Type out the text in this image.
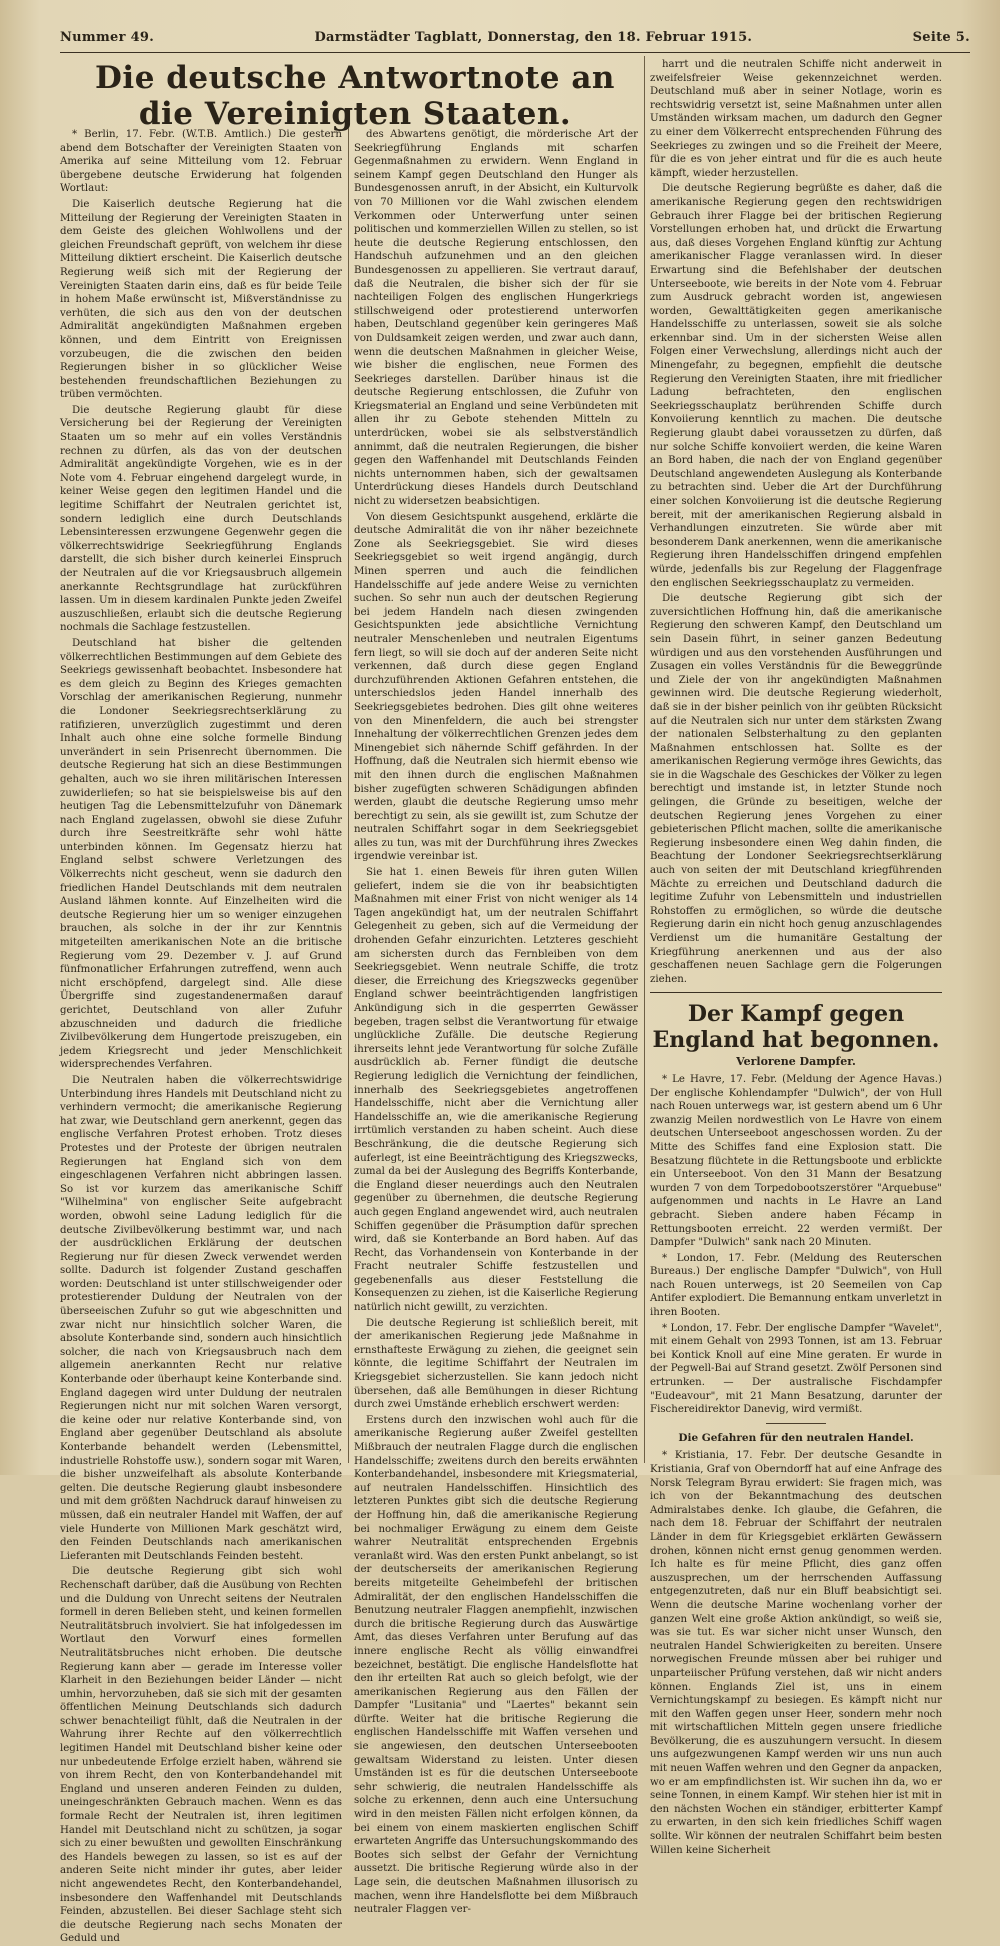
Nummer 49.	Darmstädter Tagblatt, Donnerstag, den 18. Februar 1915.	Seite 5.
Die deutsche Antwortnote an die Vereinigten Staaten.

* Berlin, 17. Febr. (W.T.B. Amtlich.) Die gestern abend dem Botschafter der Vereinigten Staaten von Amerika auf seine Mitteilung vom 12. Februar übergebene deutsche Erwiderung hat folgenden Wortlaut:

Die Kaiserlich deutsche Regierung hat die Mitteilung der Regierung der Vereinigten Staaten in dem Geiste des gleichen Wohlwollens und der gleichen Freundschaft geprüft, von welchem ihr diese Mitteilung diktiert erscheint. Die Kaiserlich deutsche Regierung weiß sich mit der Regierung der Vereinigten Staaten darin eins, daß es für beide Teile in hohem Maße erwünscht ist, Mißverständnisse zu verhüten, die sich aus den von der deutschen Admiralität angekündigten Maßnahmen ergeben können, und dem Eintritt von Ereignissen vorzubeugen, die die zwischen den beiden Regierungen bisher in so glücklicher Weise bestehenden freundschaftlichen Beziehungen zu trüben vermöchten.

Die deutsche Regierung glaubt für diese Versicherung bei der Regierung der Vereinigten Staaten um so mehr auf ein volles Verständnis rechnen zu dürfen, als das von der deutschen Admiralität angekündigte Vorgehen, wie es in der Note vom 4. Februar eingehend dargelegt wurde, in keiner Weise gegen den legitimen Handel und die legitime Schiffahrt der Neutralen gerichtet ist, sondern lediglich eine durch Deutschlands Lebensinteressen erzwungene Gegenwehr gegen die völkerrechtswidrige Seekriegführung Englands darstellt, die sich bisher durch keinerlei Einspruch der Neutralen auf die vor Kriegsausbruch allgemein anerkannte Rechtsgrundlage hat zurückführen lassen. Um in diesem kardinalen Punkte jeden Zweifel auszuschließen, erlaubt sich die deutsche Regierung nochmals die Sachlage festzustellen.

Deutschland hat bisher die geltenden völkerrechtlichen Bestimmungen auf dem Gebiete des Seekriegs gewissenhaft beobachtet. Insbesondere hat es dem gleich zu Beginn des Krieges gemachten Vorschlag der amerikanischen Regierung, nunmehr die Londoner Seekriegsrechtserklärung zu ratifizieren, unverzüglich zugestimmt und deren Inhalt auch ohne eine solche formelle Bindung unverändert in sein Prisenrecht übernommen. Die deutsche Regierung hat sich an diese Bestimmungen gehalten, auch wo sie ihren militärischen Interessen zuwiderliefen; so hat sie beispielsweise bis auf den heutigen Tag die Lebensmittelzufuhr von Dänemark nach England zugelassen, obwohl sie diese Zufuhr durch ihre Seestreitkräfte sehr wohl hätte unterbinden können. Im Gegensatz hierzu hat England selbst schwere Verletzungen des Völkerrechts nicht gescheut, wenn sie dadurch den friedlichen Handel Deutschlands mit dem neutralen Ausland lähmen konnte. Auf Einzelheiten wird die deutsche Regierung hier um so weniger einzugehen brauchen, als solche in der ihr zur Kenntnis mitgeteilten amerikanischen Note an die britische Regierung vom 29. Dezember v. J. auf Grund fünfmonatlicher Erfahrungen zutreffend, wenn auch nicht erschöpfend, dargelegt sind. Alle diese Übergriffe sind zugestandenermaßen darauf gerichtet, Deutschland von aller Zufuhr abzuschneiden und dadurch die friedliche Zivilbevölkerung dem Hungertode preiszugeben, ein jedem Kriegsrecht und jeder Menschlichkeit widersprechendes Verfahren.

Die Neutralen haben die völkerrechtswidrige Unterbindung ihres Handels mit Deutschland nicht zu verhindern vermocht; die amerikanische Regierung hat zwar, wie Deutschland gern anerkennt, gegen das englische Verfahren Protest erhoben. Trotz dieses Protestes und der Proteste der übrigen neutralen Regierungen hat England sich von dem eingeschlagenen Verfahren nicht abbringen lassen. So ist vor kurzem das amerikanische Schiff "Wilhelmina" von englischer Seite aufgebracht worden, obwohl seine Ladung lediglich für die deutsche Zivilbevölkerung bestimmt war, und nach der ausdrücklichen Erklärung der deutschen Regierung nur für diesen Zweck verwendet werden sollte. Dadurch ist folgender Zustand geschaffen worden: Deutschland ist unter stillschweigender oder protestierender Duldung der Neutralen von der überseeischen Zufuhr so gut wie abgeschnitten und zwar nicht nur hinsichtlich solcher Waren, die absolute Konterbande sind, sondern auch hinsichtlich solcher, die nach von Kriegsausbruch nach dem allgemein anerkannten Recht nur relative Konterbande oder überhaupt keine Konterbande sind. England dagegen wird unter Duldung der neutralen Regierungen nicht nur mit solchen Waren versorgt, die keine oder nur relative Konterbande sind, von England aber gegenüber Deutschland als absolute Konterbande behandelt werden (Lebensmittel, industrielle Rohstoffe usw.), sondern sogar mit Waren, die bisher unzweifelhaft als absolute Konterbande gelten. Die deutsche Regierung glaubt insbesondere und mit dem größten Nachdruck darauf hinweisen zu müssen, daß ein neutraler Handel mit Waffen, der auf viele Hunderte von Millionen Mark geschätzt wird, den Feinden Deutschlands nach amerikanischen Lieferanten mit Deutschlands Feinden besteht.

Die deutsche Regierung gibt sich wohl Rechenschaft darüber, daß die Ausübung von Rechten und die Duldung von Unrecht seitens der Neutralen formell in deren Belieben steht, und keinen formellen Neutralitätsbruch involviert. Sie hat infolgedessen im Wortlaut den Vorwurf eines formellen Neutralitätsbruches nicht erhoben. Die deutsche Regierung kann aber — gerade im Interesse voller Klarheit in den Beziehungen beider Länder — nicht umhin, hervorzuheben, daß sie sich mit der gesamten öffentlichen Meinung Deutschlands sich dadurch schwer benachteiligt fühlt, daß die Neutralen in der Wahrung ihrer Rechte auf den völkerrechtlich legitimen Handel mit Deutschland bisher keine oder nur unbedeutende Erfolge erzielt haben, während sie von ihrem Recht, den von Konterbandehandel mit England und unseren anderen Feinden zu dulden, uneingeschränkten Gebrauch machen. Wenn es das formale Recht der Neutralen ist, ihren legitimen Handel mit Deutschland nicht zu schützen, ja sogar sich zu einer bewußten und gewollten Einschränkung des Handels bewegen zu lassen, so ist es auf der anderen Seite nicht minder ihr gutes, aber leider nicht angewendetes Recht, den Konterbandehandel, insbesondere den Waffenhandel mit Deutschlands Feinden, abzustellen. Bei dieser Sachlage steht sich die deutsche Regierung nach sechs Monaten der Geduld und

des Abwartens genötigt, die mörderische Art der Seekriegführung Englands mit scharfen Gegenmaßnahmen zu erwidern. Wenn England in seinem Kampf gegen Deutschland den Hunger als Bundesgenossen anruft, in der Absicht, ein Kulturvolk von 70 Millionen vor die Wahl zwischen elendem Verkommen oder Unterwerfung unter seinen politischen und kommerziellen Willen zu stellen, so ist heute die deutsche Regierung entschlossen, den Handschuh aufzunehmen und an den gleichen Bundesgenossen zu appellieren. Sie vertraut darauf, daß die Neutralen, die bisher sich der für sie nachteiligen Folgen des englischen Hungerkriegs stillschweigend oder protestierend unterworfen haben, Deutschland gegenüber kein geringeres Maß von Duldsamkeit zeigen werden, und zwar auch dann, wenn die deutschen Maßnahmen in gleicher Weise, wie bisher die englischen, neue Formen des Seekrieges darstellen. Darüber hinaus ist die deutsche Regierung entschlossen, die Zufuhr von Kriegsmaterial an England und seine Verbündeten mit allen ihr zu Gebote stehenden Mitteln zu unterdrücken, wobei sie als selbstverständlich annimmt, daß die neutralen Regierungen, die bisher gegen den Waffenhandel mit Deutschlands Feinden nichts unternommen haben, sich der gewaltsamen Unterdrückung dieses Handels durch Deutschland nicht zu widersetzen beabsichtigen.

Von diesem Gesichtspunkt ausgehend, erklärte die deutsche Admiralität die von ihr näher bezeichnete Zone als Seekriegsgebiet. Sie wird dieses Seekriegsgebiet so weit irgend angängig, durch Minen sperren und auch die feindlichen Handelsschiffe auf jede andere Weise zu vernichten suchen. So sehr nun auch der deutschen Regierung bei jedem Handeln nach diesen zwingenden Gesichtspunkten jede absichtliche Vernichtung neutraler Menschenleben und neutralen Eigentums fern liegt, so will sie doch auf der anderen Seite nicht verkennen, daß durch diese gegen England durchzuführenden Aktionen Gefahren entstehen, die unterschiedslos jeden Handel innerhalb des Seekriegsgebietes bedrohen. Dies gilt ohne weiteres von den Minenfeldern, die auch bei strengster Innehaltung der völkerrechtlichen Grenzen jedes dem Minengebiet sich nähernde Schiff gefährden. In der Hoffnung, daß die Neutralen sich hiermit ebenso wie mit den ihnen durch die englischen Maßnahmen bisher zugefügten schweren Schädigungen abfinden werden, glaubt die deutsche Regierung umso mehr berechtigt zu sein, als sie gewillt ist, zum Schutze der neutralen Schiffahrt sogar in dem Seekriegsgebiet alles zu tun, was mit der Durchführung ihres Zweckes irgendwie vereinbar ist.

Sie hat 1. einen Beweis für ihren guten Willen geliefert, indem sie die von ihr beabsichtigten Maßnahmen mit einer Frist von nicht weniger als 14 Tagen angekündigt hat, um der neutralen Schiffahrt Gelegenheit zu geben, sich auf die Vermeidung der drohenden Gefahr einzurichten. Letzteres geschieht am sichersten durch das Fernbleiben von dem Seekriegsgebiet. Wenn neutrale Schiffe, die trotz dieser, die Erreichung des Kriegszwecks gegenüber England schwer beeinträchtigenden langfristigen Ankündigung sich in die gesperrten Gewässer begeben, tragen selbst die Verantwortung für etwaige unglückliche Zufälle. Die deutsche Regierung ihrerseits lehnt jede Verantwortung für solche Zufälle ausdrücklich ab. Ferner fündigt die deutsche Regierung lediglich die Vernichtung der feindlichen, innerhalb des Seekriegsgebietes angetroffenen Handelsschiffe, nicht aber die Vernichtung aller Handelsschiffe an, wie die amerikanische Regierung irrtümlich verstanden zu haben scheint. Auch diese Beschränkung, die die deutsche Regierung sich auferlegt, ist eine Beeinträchtigung des Kriegszwecks, zumal da bei der Auslegung des Begriffs Konterbande, die England dieser neuerdings auch den Neutralen gegenüber zu übernehmen, die deutsche Regierung auch gegen England angewendet wird, auch neutralen Schiffen gegenüber die Präsumption dafür sprechen wird, daß sie Konterbande an Bord haben. Auf das Recht, das Vorhandensein von Konterbande in der Fracht neutraler Schiffe festzustellen und gegebenenfalls aus dieser Feststellung die Konsequenzen zu ziehen, ist die Kaiserliche Regierung natürlich nicht gewillt, zu verzichten.

Die deutsche Regierung ist schließlich bereit, mit der amerikanischen Regierung jede Maßnahme in ernsthafteste Erwägung zu ziehen, die geeignet sein könnte, die legitime Schiffahrt der Neutralen im Kriegsgebiet sicherzustellen. Sie kann jedoch nicht übersehen, daß alle Bemühungen in dieser Richtung durch zwei Umstände erheblich erschwert werden:

Erstens durch den inzwischen wohl auch für die amerikanische Regierung außer Zweifel gestellten Mißbrauch der neutralen Flagge durch die englischen Handelsschiffe; zweitens durch den bereits erwähnten Konterbandehandel, insbesondere mit Kriegsmaterial, auf neutralen Handelsschiffen. Hinsichtlich des letzteren Punktes gibt sich die deutsche Regierung der Hoffnung hin, daß die amerikanische Regierung bei nochmaliger Erwägung zu einem dem Geiste wahrer Neutralität entsprechenden Ergebnis veranlaßt wird. Was den ersten Punkt anbelangt, so ist der deutscherseits der amerikanischen Regierung bereits mitgeteilte Geheimbefehl der britischen Admiralität, der den englischen Handelsschiffen die Benutzung neutraler Flaggen anempfiehlt, inzwischen durch die britische Regierung durch das Auswärtige Amt, das dieses Verfahren unter Berufung auf das innere englische Recht als völlig einwandfrei bezeichnet, bestätigt. Die englische Handelsflotte hat den ihr erteilten Rat auch so gleich befolgt, wie der amerikanischen Regierung aus den Fällen der Dampfer "Lusitania" und "Laertes" bekannt sein dürfte. Weiter hat die britische Regierung die englischen Handelsschiffe mit Waffen versehen und sie angewiesen, den deutschen Unterseebooten gewaltsam Widerstand zu leisten. Unter diesen Umständen ist es für die deutschen Unterseeboote sehr schwierig, die neutralen Handelsschiffe als solche zu erkennen, denn auch eine Untersuchung wird in den meisten Fällen nicht erfolgen können, da bei einem von einem maskierten englischen Schiff erwarteten Angriffe das Untersuchungskommando des Bootes sich selbst der Gefahr der Vernichtung aussetzt. Die britische Regierung würde also in der Lage sein, die deutschen Maßnahmen illusorisch zu machen, wenn ihre Handelsflotte bei dem Mißbrauch neutraler Flaggen ver-

harrt und die neutralen Schiffe nicht anderweit in zweifelsfreier Weise gekennzeichnet werden. Deutschland muß aber in seiner Notlage, worin es rechtswidrig versetzt ist, seine Maßnahmen unter allen Umständen wirksam machen, um dadurch den Gegner zu einer dem Völkerrecht entsprechenden Führung des Seekrieges zu zwingen und so die Freiheit der Meere, für die es von jeher eintrat und für die es auch heute kämpft, wieder herzustellen.

Die deutsche Regierung begrüßte es daher, daß die amerikanische Regierung gegen den rechtswidrigen Gebrauch ihrer Flagge bei der britischen Regierung Vorstellungen erhoben hat, und drückt die Erwartung aus, daß dieses Vorgehen England künftig zur Achtung amerikanischer Flagge veranlassen wird. In dieser Erwartung sind die Befehlshaber der deutschen Unterseeboote, wie bereits in der Note vom 4. Februar zum Ausdruck gebracht worden ist, angewiesen worden, Gewalttätigkeiten gegen amerikanische Handelsschiffe zu unterlassen, soweit sie als solche erkennbar sind. Um in der sichersten Weise allen Folgen einer Verwechslung, allerdings nicht auch der Minengefahr, zu begegnen, empfiehlt die deutsche Regierung den Vereinigten Staaten, ihre mit friedlicher Ladung befrachteten, den englischen Seekriegsschauplatz berührenden Schiffe durch Konvoiierung kenntlich zu machen. Die deutsche Regierung glaubt dabei voraussetzen zu dürfen, daß nur solche Schiffe konvoiiert werden, die keine Waren an Bord haben, die nach der von England gegenüber Deutschland angewendeten Auslegung als Konterbande zu betrachten sind. Ueber die Art der Durchführung einer solchen Konvoiierung ist die deutsche Regierung bereit, mit der amerikanischen Regierung alsbald in Verhandlungen einzutreten. Sie würde aber mit besonderem Dank anerkennen, wenn die amerikanische Regierung ihren Handelsschiffen dringend empfehlen würde, jedenfalls bis zur Regelung der Flaggenfrage den englischen Seekriegsschauplatz zu vermeiden.

Die deutsche Regierung gibt sich der zuversichtlichen Hoffnung hin, daß die amerikanische Regierung den schweren Kampf, den Deutschland um sein Dasein führt, in seiner ganzen Bedeutung würdigen und aus den vorstehenden Ausführungen und Zusagen ein volles Verständnis für die Beweggründe und Ziele der von ihr angekündigten Maßnahmen gewinnen wird. Die deutsche Regierung wiederholt, daß sie in der bisher peinlich von ihr geübten Rücksicht auf die Neutralen sich nur unter dem stärksten Zwang der nationalen Selbsterhaltung zu den geplanten Maßnahmen entschlossen hat. Sollte es der amerikanischen Regierung vermöge ihres Gewichts, das sie in die Wagschale des Geschickes der Völker zu legen berechtigt und imstande ist, in letzter Stunde noch gelingen, die Gründe zu beseitigen, welche der deutschen Regierung jenes Vorgehen zu einer gebieterischen Pflicht machen, sollte die amerikanische Regierung insbesondere einen Weg dahin finden, die Beachtung der Londoner Seekriegsrechtserklärung auch von seiten der mit Deutschland kriegführenden Mächte zu erreichen und Deutschland dadurch die legitime Zufuhr von Lebensmitteln und industriellen Rohstoffen zu ermöglichen, so würde die deutsche Regierung darin ein nicht hoch genug anzuschlagendes Verdienst um die humanitäre Gestaltung der Kriegführung anerkennen und aus der also geschaffenen neuen Sachlage gern die Folgerungen ziehen.

Der Kampf gegen England hat begonnen.
Verlorene Dampfer.

* Le Havre, 17. Febr. (Meldung der Agence Havas.) Der englische Kohlendampfer "Dulwich", der von Hull nach Rouen unterwegs war, ist gestern abend um 6 Uhr zwanzig Meilen nordwestlich von Le Havre von einem deutschen Unterseeboot angeschossen worden. Zu der Mitte des Schiffes fand eine Explosion statt. Die Besatzung flüchtete in die Rettungsboote und erblickte ein Unterseeboot. Von den 31 Mann der Besatzung wurden 7 von dem Torpedobootszerstörer "Arquebuse" aufgenommen und nachts in Le Havre an Land gebracht. Sieben andere haben Fécamp in Rettungsbooten erreicht. 22 werden vermißt. Der Dampfer "Dulwich" sank nach 20 Minuten.

* London, 17. Febr. (Meldung des Reuterschen Bureaus.) Der englische Dampfer "Dulwich", von Hull nach Rouen unterwegs, ist 20 Seemeilen von Cap Antifer explodiert. Die Bemannung entkam unverletzt in ihren Booten.

* London, 17. Febr. Der englische Dampfer "Wavelet", mit einem Gehalt von 2993 Tonnen, ist am 13. Februar bei Kontick Knoll auf eine Mine geraten. Er wurde in der Pegwell-Bai auf Strand gesetzt. Zwölf Personen sind ertrunken. — Der australische Fischdampfer "Eudeavour", mit 21 Mann Besatzung, darunter der Fischereidirektor Danevig, wird vermißt.

Die Gefahren für den neutralen Handel.

* Kristiania, 17. Febr. Der deutsche Gesandte in Kristiania, Graf von Oberndorff hat auf eine Anfrage des Norsk Telegram Byrau erwidert: Sie fragen mich, was ich von der Bekanntmachung des deutschen Admiralstabes denke. Ich glaube, die Gefahren, die nach dem 18. Februar der Schiffahrt der neutralen Länder in dem für Kriegsgebiet erklärten Gewässern drohen, können nicht ernst genug genommen werden. Ich halte es für meine Pflicht, dies ganz offen auszusprechen, um der herrschenden Auffassung entgegenzutreten, daß nur ein Bluff beabsichtigt sei. Wenn die deutsche Marine wochenlang vorher der ganzen Welt eine große Aktion ankündigt, so weiß sie, was sie tut. Es war sicher nicht unser Wunsch, den neutralen Handel Schwierigkeiten zu bereiten. Unsere norwegischen Freunde müssen aber bei ruhiger und unparteiischer Prüfung verstehen, daß wir nicht anders können. Englands Ziel ist, uns in einem Vernichtungskampf zu besiegen. Es kämpft nicht nur mit den Waffen gegen unser Heer, sondern mehr noch mit wirtschaftlichen Mitteln gegen unsere friedliche Bevölkerung, die es auszuhungern versucht. In diesem uns aufgezwungenen Kampf werden wir uns nun auch mit neuen Waffen wehren und den Gegner da anpacken, wo er am empfindlichsten ist. Wir suchen ihn da, wo er seine Tonnen, in einem Kampf. Wir stehen hier ist mit in den nächsten Wochen ein ständiger, erbitterter Kampf zu erwarten, in den sich kein friedliches Schiff wagen sollte. Wir können der neutralen Schiffahrt beim besten Willen keine Sicherheit
